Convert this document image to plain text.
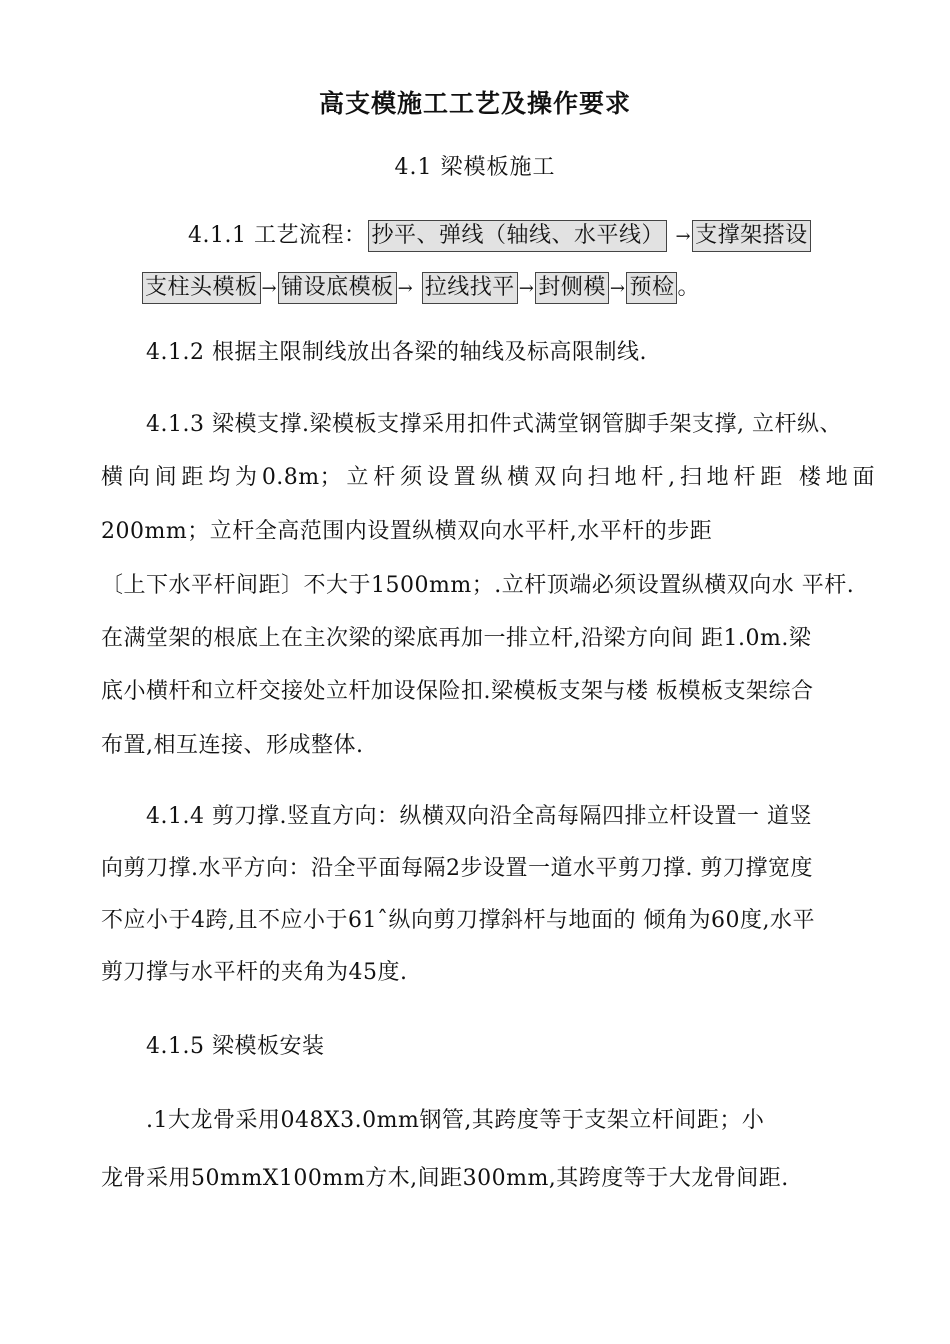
高支模施工工艺及操作要求
4.1 梁模板施工
4.1.1 工艺流程： 抄平、弹线（轴线、水平线） → 支撑架搭设
支柱头模板 → 铺设底模板 → 拉线找平 → 封侧模 → 预检 。
4.1.2 根据主限制线放出各梁的轴线及标高限制线.
4.1.3 梁模支撑.梁模板支撑采用扣件式满堂钢管脚手架支撑, 立杆纵、
横向间距均为0.8m；立杆须设置纵横双向扫地杆,扫地杆距 楼地面
200mm；立杆全高范围内设置纵横双向水平杆,水平杆的步距
〔上下水平杆间距〕不大于1500mm；.立杆顶端必须设置纵横双向水 平杆.
在满堂架的根底上在主次梁的梁底再加一排立杆,沿梁方向间 距1.0m.梁
底小横杆和立杆交接处立杆加设保险扣.梁模板支架与楼 板模板支架综合
布置,相互连接、形成整体.
4.1.4 剪刀撑.竖直方向：纵横双向沿全高每隔四排立杆设置一 道竖
向剪刀撑.水平方向：沿全平面每隔2步设置一道水平剪刀撑. 剪刀撑宽度
不应小于4跨,且不应小于61ˆ纵向剪刀撑斜杆与地面的 倾角为60度,水平
剪刀撑与水平杆的夹角为45度.
4.1.5 梁模板安装
.1大龙骨采用048X3.0mm钢管,其跨度等于支架立杆间距；小
龙骨采用50mmX100mm方木,间距300mm,其跨度等于大龙骨间距.
